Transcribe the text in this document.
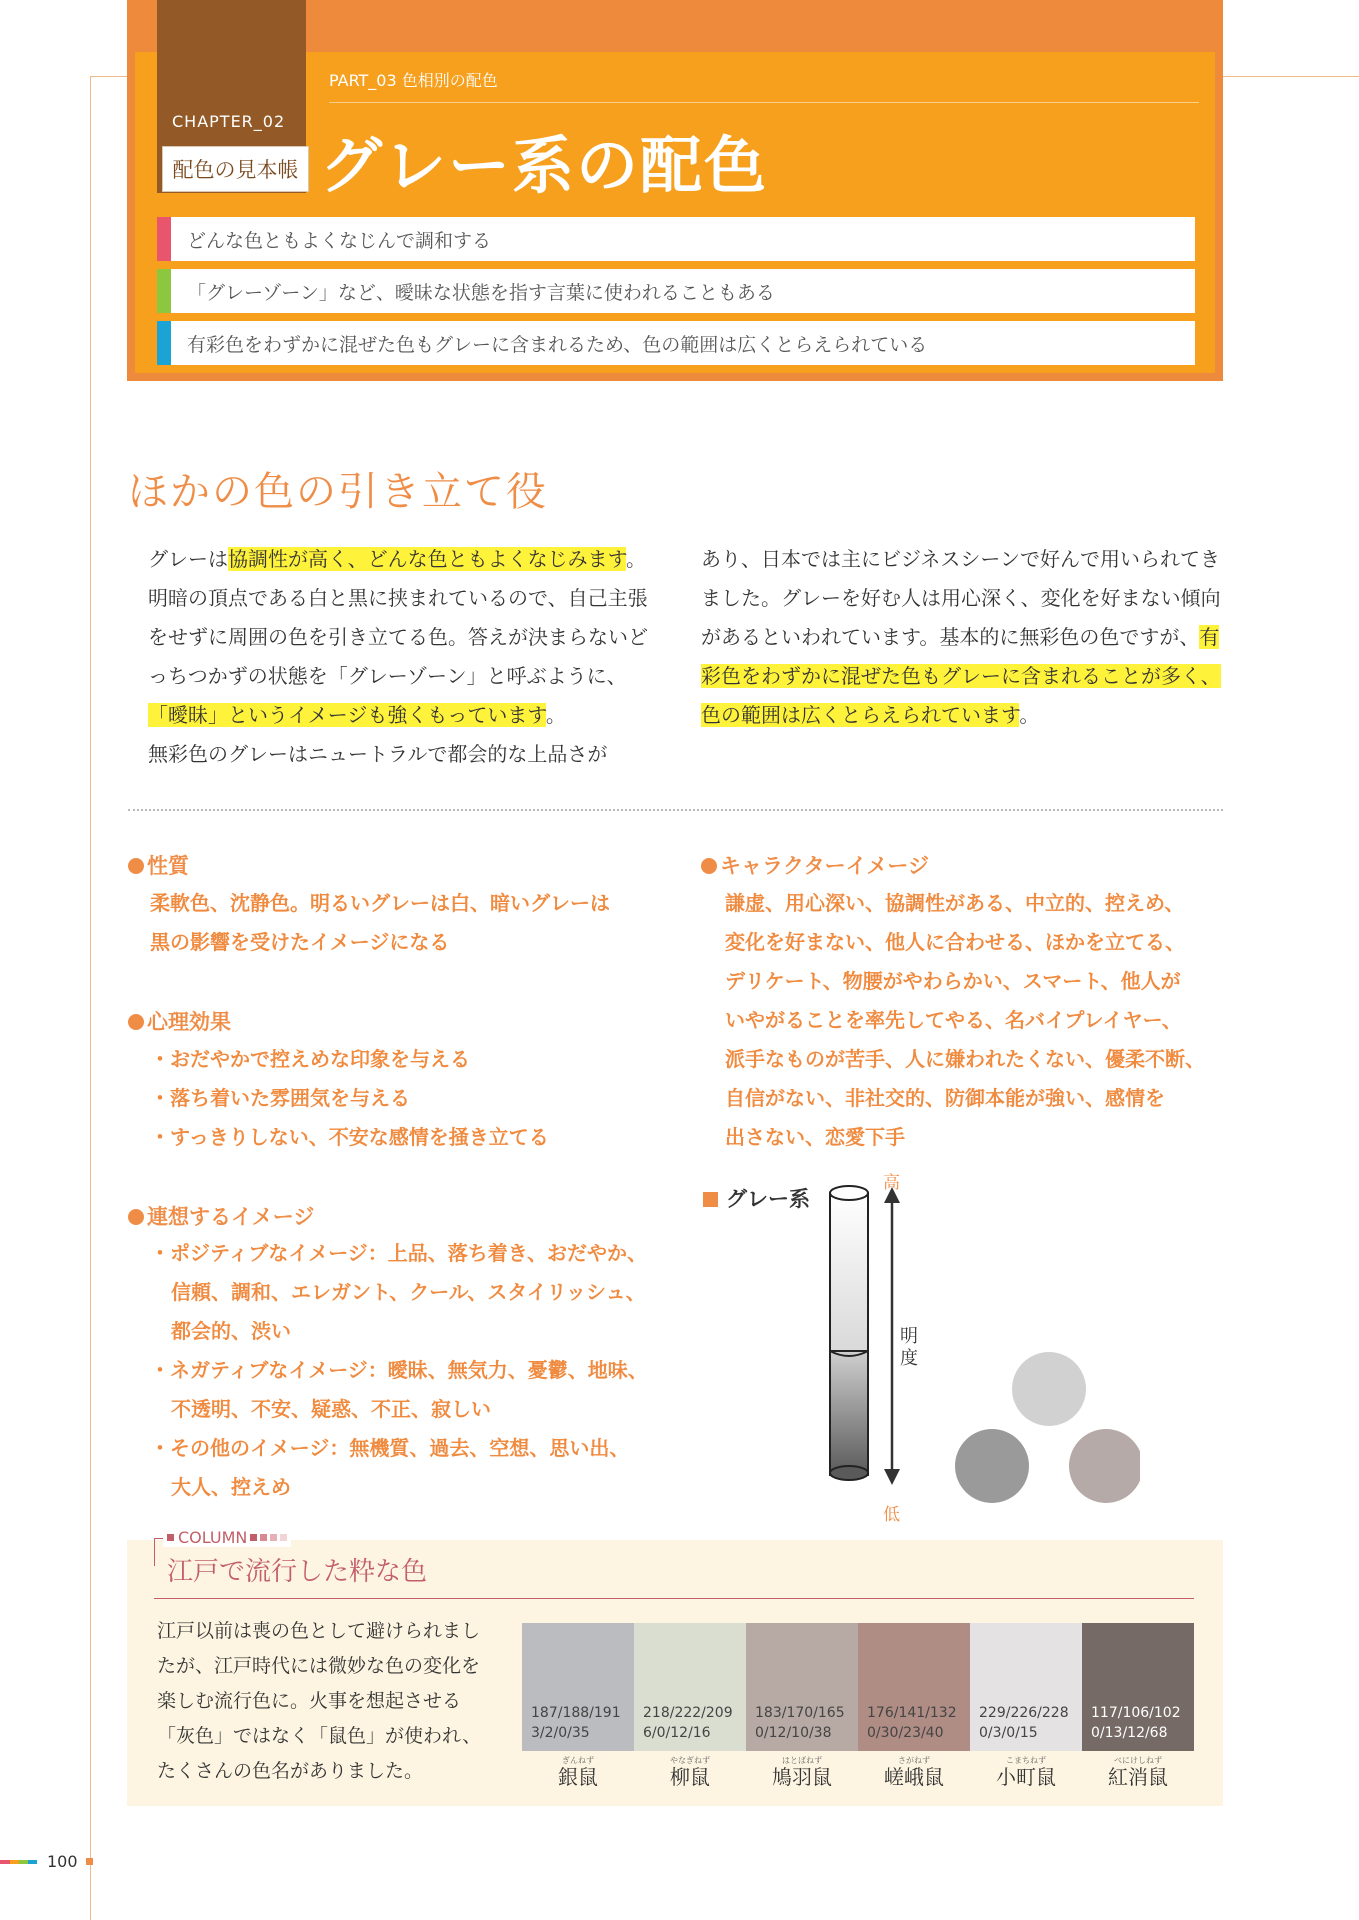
PART_03 色相別の配色
グレー系の配色
どんな色ともよくなじんで調和する
「グレーゾーン」など、曖昧な状態を指す言葉に使われることもある
有彩色をわずかに混ぜた色もグレーに含まれるため、色の範囲は広くとらえられている
CHAPTER_02
配色の見本帳
ほかの色の引き立て役

グレーは協調性が高く、どんな色ともよくなじみます。明暗の頂点である白と黒に挟まれているので、自己主張をせずに周囲の色を引き立てる色。答えが決まらないどっちつかずの状態を「グレーゾーン」と呼ぶように、「曖昧」というイメージも強くもっています。

無彩色のグレーはニュートラルで都会的な上品さが

あり、日本では主にビジネスシーンで好んで用いられてきました。グレーを好む人は用心深く、変化を好まない傾向があるといわれています。基本的に無彩色の色ですが、有彩色をわずかに混ぜた色もグレーに含まれることが多く、色の範囲は広くとらえられています。

性質
柔軟色、沈静色。明るいグレーは白、暗いグレーは
黒の影響を受けたイメージになる
心理効果
・おだやかで控えめな印象を与える
・落ち着いた雰囲気を与える
・すっきりしない、不安な感情を掻き立てる
連想するイメージ
・ポジティブなイメージ：上品、落ち着き、おだやか、
信頼、調和、エレガント、クール、スタイリッシュ、
都会的、渋い
・ネガティブなイメージ：曖昧、無気力、憂鬱、地味、
不透明、不安、疑惑、不正、寂しい
・その他のイメージ：無機質、過去、空想、思い出、
大人、控えめ
キャラクターイメージ
謙虚、用心深い、協調性がある、中立的、控えめ、
変化を好まない、他人に合わせる、ほかを立てる、
デリケート、物腰がやわらかい、スマート、他人が
いやがることを率先してやる、名バイプレイヤー、
派手なものが苦手、人に嫌われたくない、優柔不断、
自信がない、非社交的、防御本能が強い、感情を
出さない、恋愛下手
グレー系
高
低
明度
COLUMN
江戸で流行した粋な色
江戸以前は喪の色として避けられましたが、江戸時代には微妙な色の変化を楽しむ流行色に。火事を想起させる「灰色」ではなく「鼠色」が使われ、たくさんの色名がありました。
187/188/191
3/2/0/35
218/222/209
6/0/12/16
183/170/165
0/12/10/38
176/141/132
0/30/23/40
229/226/228
0/3/0/15
117/106/102
0/13/12/68
ぎんねず
銀鼠
やなぎねず
柳鼠
はとばねず
鳩羽鼠
さがねず
嵯峨鼠
こまちねず
小町鼠
べにけしねず
紅消鼠
100
